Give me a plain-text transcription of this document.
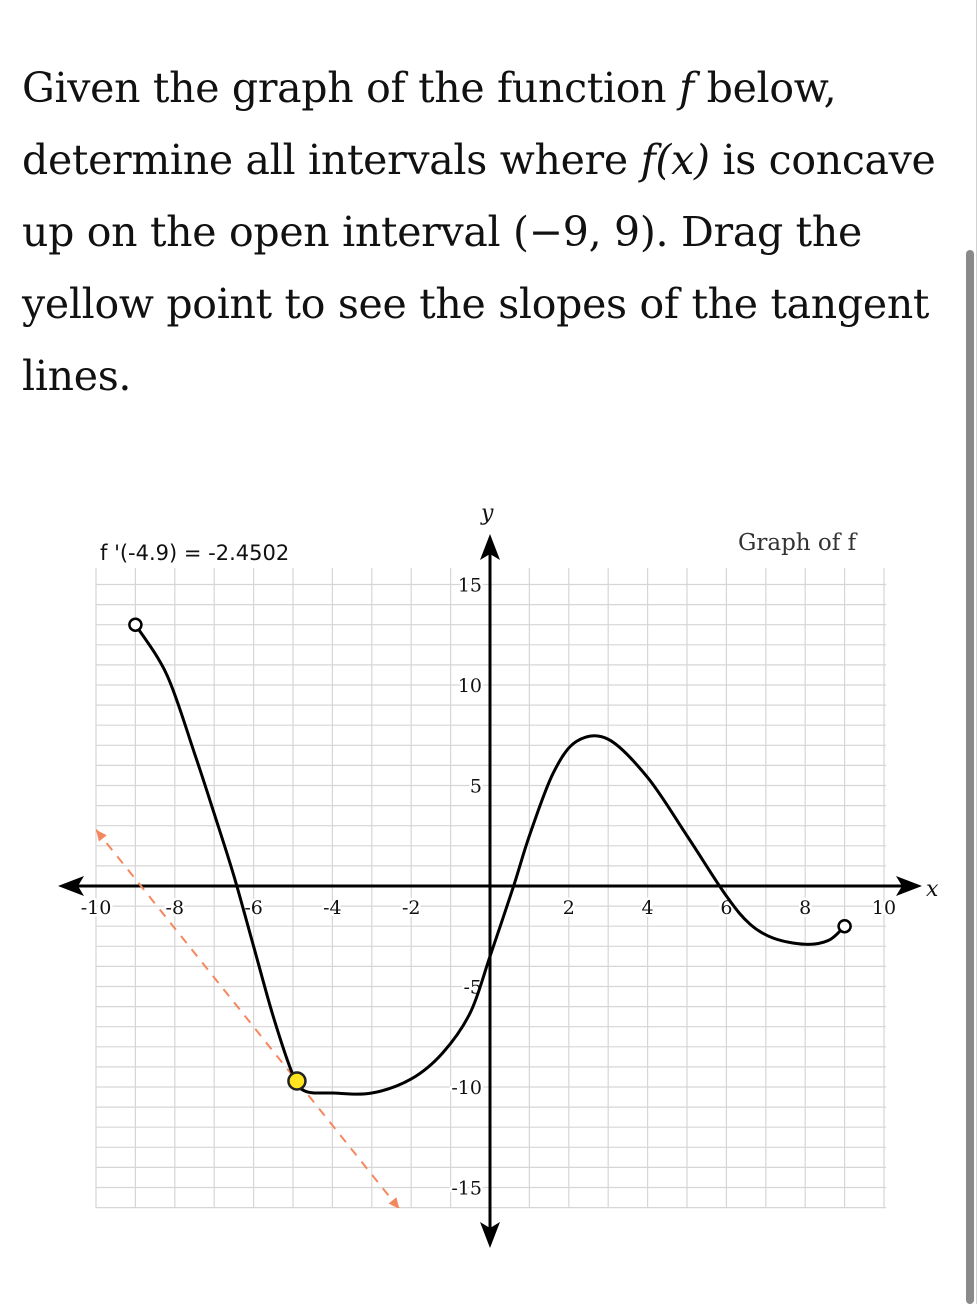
Given the graph of the function f below, determine all intervals where f(x) is concave up on the open interval (−9, 9). Drag the yellow point to see the slopes of the tangent lines.

-10	-8	-6	-4	-2	2	4	6	8	10
15
10
5
-5
-10
-15
f '(-4.9) = -2.4502	Graph of f
x
y
